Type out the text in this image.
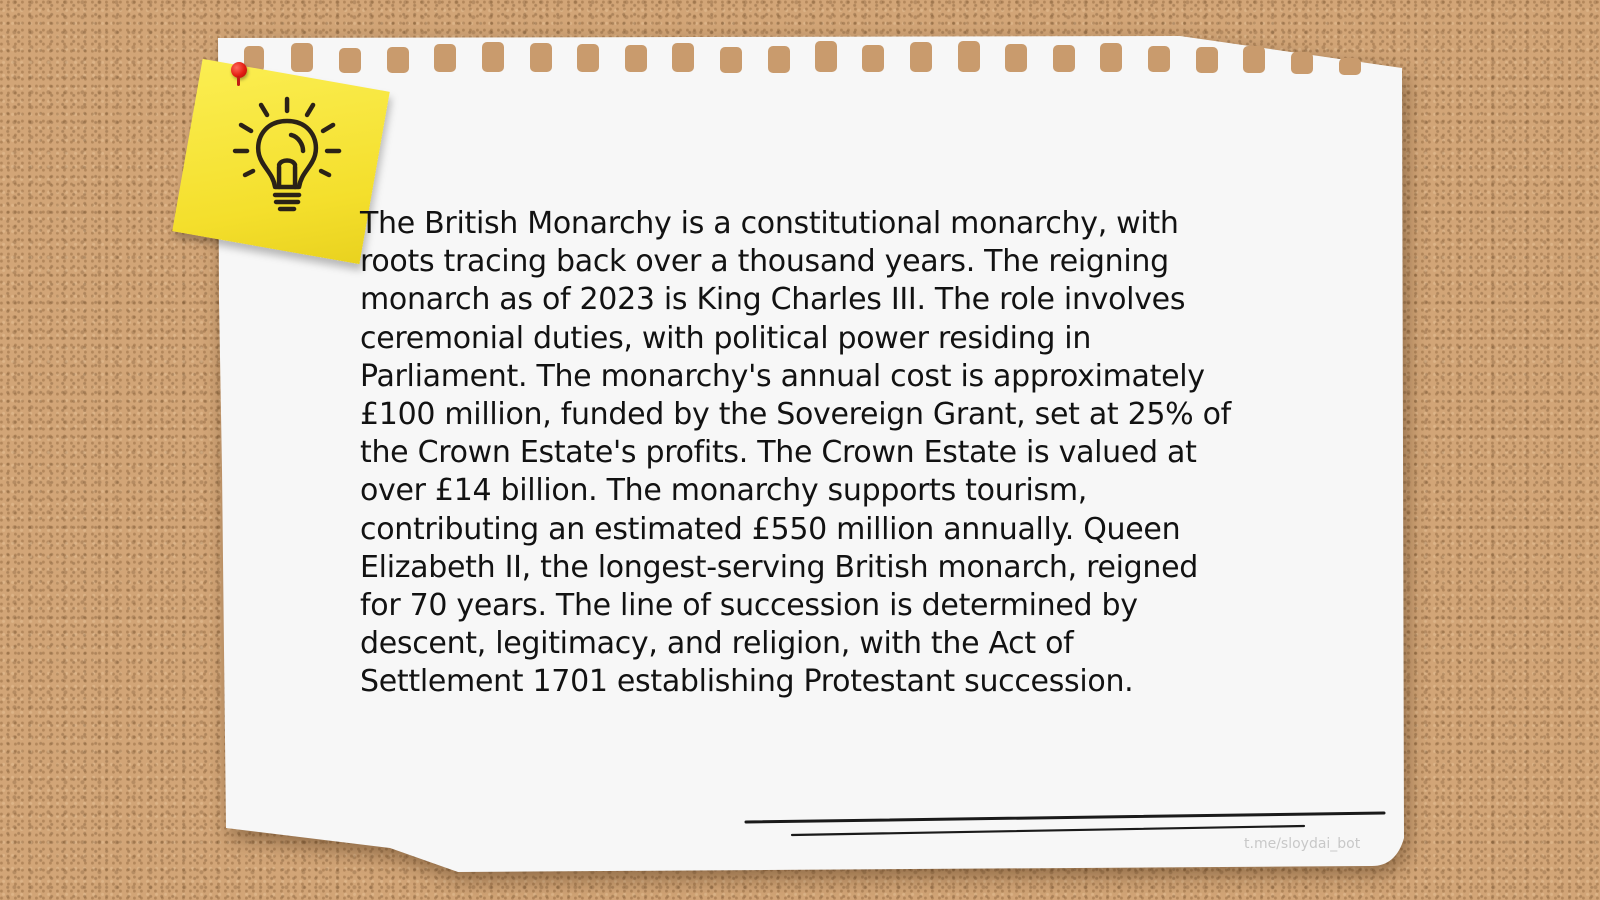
The British Monarchy is a constitutional monarchy, with roots tracing back over a thousand years. The reigning monarch as of 2023 is King Charles III. The role involves ceremonial duties, with political power residing in Parliament. The monarchy's annual cost is approximately £100 million, funded by the Sovereign Grant, set at 25% of the Crown Estate's profits. The Crown Estate is valued at over £14 billion. The monarchy supports tourism, contributing an estimated £550 million annually. Queen Elizabeth II, the longest-serving British monarch, reigned for 70 years. The line of succession is determined by descent, legitimacy, and religion, with the Act of Settlement 1701 establishing Protestant succession.

t.me/sloydai_bot
